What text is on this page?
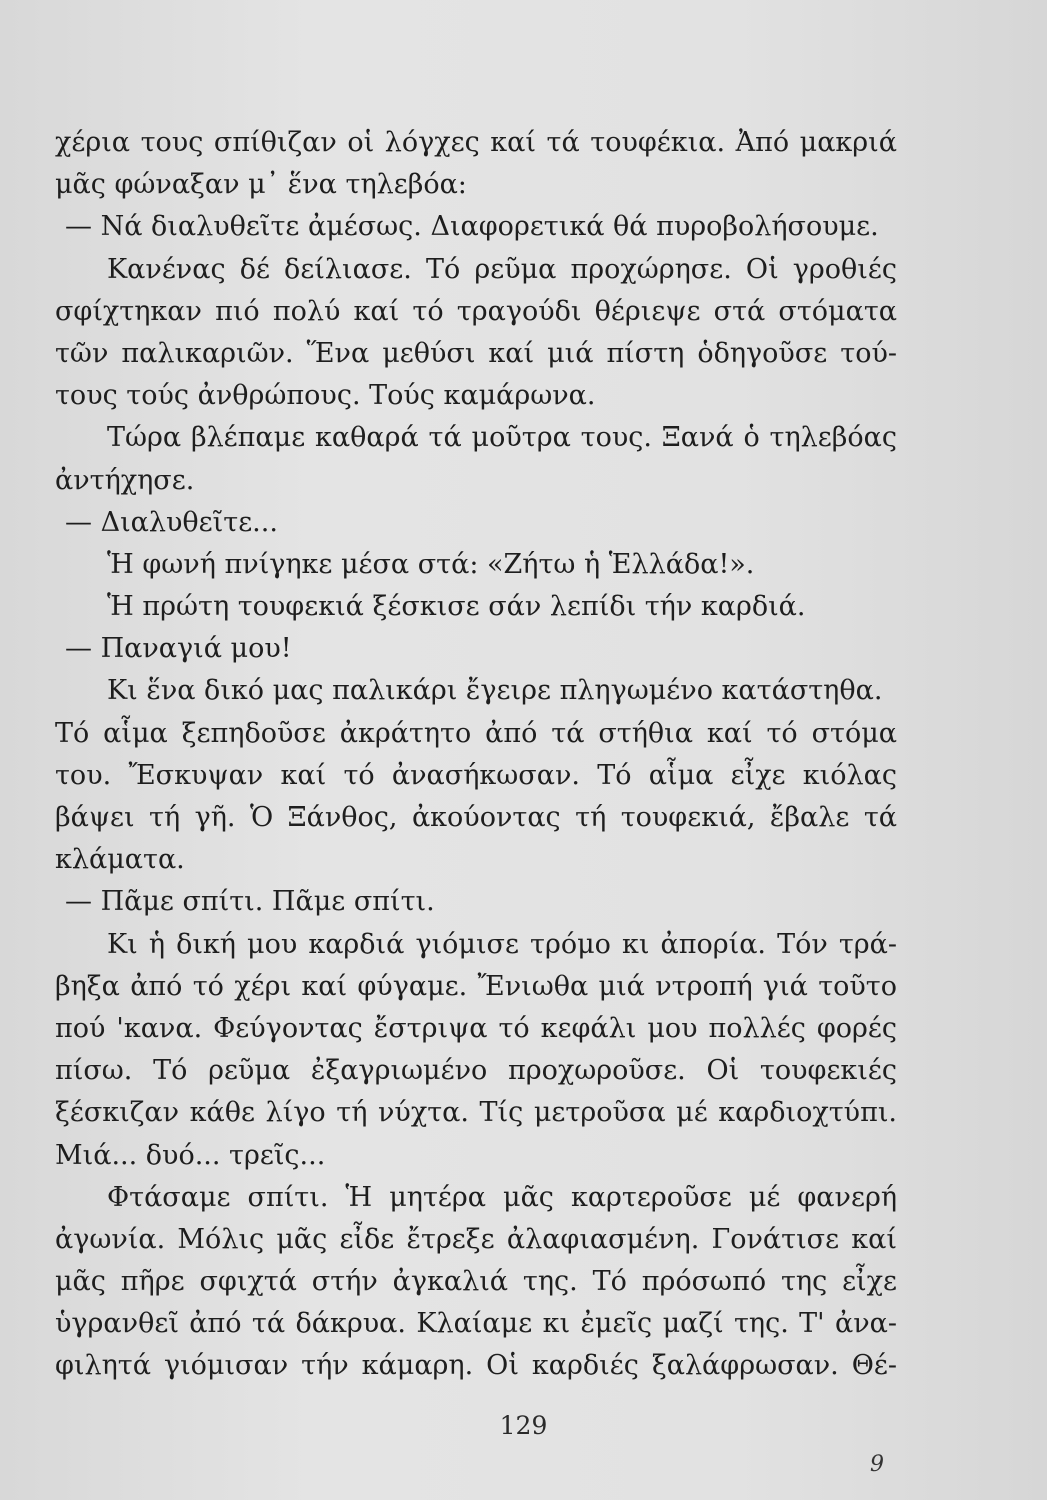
χέρια τους σπίθιζαν οἱ λόγχες καί τά τουφέκια. Ἀπό μακριά
μᾶς φώναξαν μ᾿ ἕνα τηλεβόα:
— Νά διαλυθεῖτε ἀμέσως. Διαφορετικά θά πυροβολήσουμε.
Κανένας δέ δείλιασε. Τό ρεῦμα προχώρησε. Οἱ γροθιές
σφίχτηκαν πιό πολύ καί τό τραγούδι θέριεψε στά στόματα
τῶν παλικαριῶν. Ἕνα μεθύσι καί μιά πίστη ὁδηγοῦσε τού-
τους τούς ἀνθρώπους. Τούς καμάρωνα.
Τώρα βλέπαμε καθαρά τά μοῦτρα τους. Ξανά ὁ τηλεβόας
ἀντήχησε.
— Διαλυθεῖτε...
Ἡ φωνή πνίγηκε μέσα στά: «Ζήτω ἡ Ἑλλάδα!».
Ἡ πρώτη τουφεκιά ξέσκισε σάν λεπίδι τήν καρδιά.
— Παναγιά μου!
Κι ἕνα δικό μας παλικάρι ἔγειρε πληγωμένο κατάστηθα.
Τό αἷμα ξεπηδοῦσε ἀκράτητο ἀπό τά στήθια καί τό στόμα
του. Ἔσκυψαν καί τό ἀνασήκωσαν. Τό αἷμα εἶχε κιόλας
βάψει τή γῆ. Ὁ Ξάνθος, ἀκούοντας τή τουφεκιά, ἔβαλε τά
κλάματα.
— Πᾶμε σπίτι. Πᾶμε σπίτι.
Κι ἡ δική μου καρδιά γιόμισε τρόμο κι ἀπορία. Τόν τρά-
βηξα ἀπό τό χέρι καί φύγαμε. Ἔνιωθα μιά ντροπή γιά τοῦτο
πού 'κανα. Φεύγοντας ἔστριψα τό κεφάλι μου πολλές φορές
πίσω. Τό ρεῦμα ἐξαγριωμένο προχωροῦσε. Οἱ τουφεκιές
ξέσκιζαν κάθε λίγο τή νύχτα. Τίς μετροῦσα μέ καρδιοχτύπι.
Μιά... δυό... τρεῖς...
Φτάσαμε σπίτι. Ἡ μητέρα μᾶς καρτεροῦσε μέ φανερή
ἀγωνία. Μόλις μᾶς εἶδε ἔτρεξε ἀλαφιασμένη. Γονάτισε καί
μᾶς πῆρε σφιχτά στήν ἀγκαλιά της. Τό πρόσωπό της εἶχε
ὑγρανθεῖ ἀπό τά δάκρυα. Κλαίαμε κι ἐμεῖς μαζί της. Τ' ἀνα-
φιλητά γιόμισαν τήν κάμαρη. Οἱ καρδιές ξαλάφρωσαν. Θέ-
129
9
